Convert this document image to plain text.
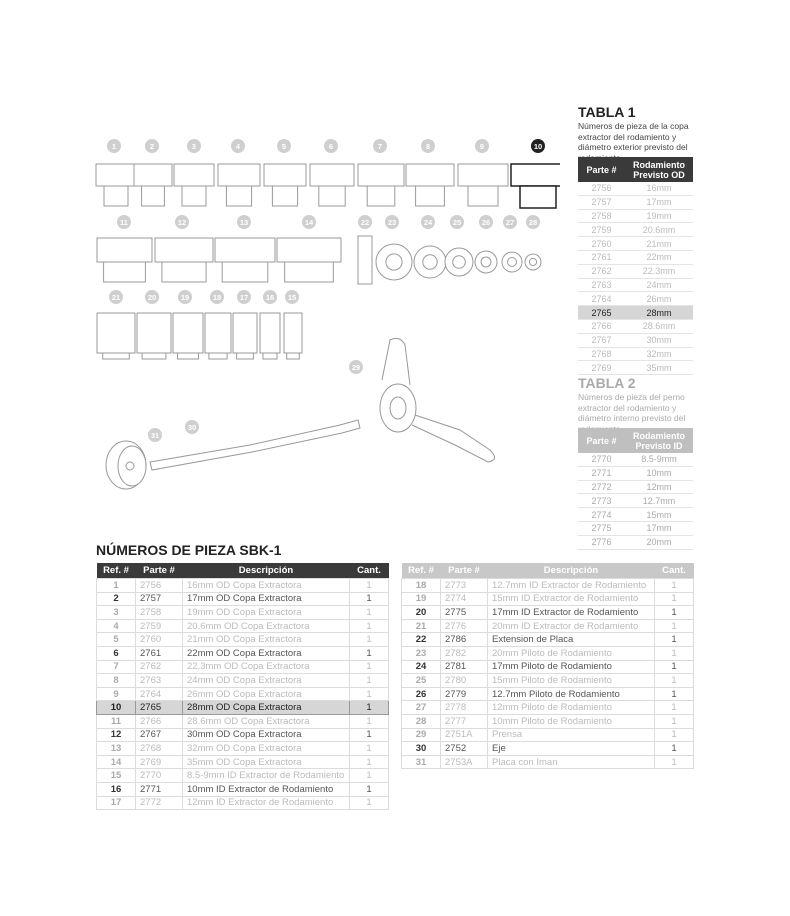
TABLA 1
Números de pieza de la copa extractor del rodamiento y diámetro exterior previsto del
Parte #	Rodamiento Previsto OD
2756	16mm
2757	17mm
2758	19mm
2759	20.6mm
2760	21mm
2761	22mm
2762	22.3mm
2763	24mm
2764	26mm
2765	28mm
2766	28.6mm
2767	30mm
2768	32mm
2769	35mm
TABLA 2
Números de pieza del perno extractor del rodamiento y diámetro interno previsto del
Parte #	Rodamiento Previsto ID
2770	8.5-9mm
2771	10mm
2772	12mm
2773	12.7mm
2774	15mm
2775	17mm
2776	20mm
1	2	3	4	5	6	7	8	9	10
11	12	13	14	22 23	24	25	26 27 28
21	20	19	18 17 16 15
29
30
31
NÚMEROS DE PIEZA SBK-1
Ref. #	Parte #	Descripción	Cant.
1	2756	16mm OD Copa Extractora	1
2	2757	17mm OD Copa Extractora	1
3	2758	19mm OD Copa Extractora	1
4	2759	20.6mm OD Copa Extractora	1
5	2760	21mm OD Copa Extractora	1
6	2761	22mm OD Copa Extractora	1
7	2762	22.3mm OD Copa Extractora	1
8	2763	24mm OD Copa Extractora	1
9	2764	26mm OD Copa Extractora	1
10	2765	28mm OD Copa Extractora	1
11	2766	28.6mm OD Copa Extractora	1
12	2767	30mm OD Copa Extractora	1
13	2768	32mm OD Copa Extractora	1
14	2769	35mm OD Copa Extractora	1
15	2770	8.5-9mm ID Extractor de Rodamiento	1
16	2771	10mm ID Extractor de Rodamiento	1
17	2772	12mm ID Extractor de Rodamiento	1
Ref. #	Parte #	Descripción	Cant.
18	2773	12.7mm ID Extractor de Rodamiento	1
19	2774	15mm ID Extractor de Rodamiento	1
20	2775	17mm ID Extractor de Rodamiento	1
21	2776	20mm ID Extractor de Rodamiento	1
22	2786	Extension de Placa	1
23	2782	20mm Piloto de Rodamiento	1
24	2781	17mm Piloto de Rodamiento	1
25	2780	15mm Piloto de Rodamiento	1
26	2779	12.7mm Piloto de Rodamiento	1
27	2778	12mm Piloto de Rodamiento	1
28	2777	10mm Piloto de Rodamiento	1
29	2751A	Prensa	1
30	2752	Eje	1
31	2753A	Placa con Iman	1
